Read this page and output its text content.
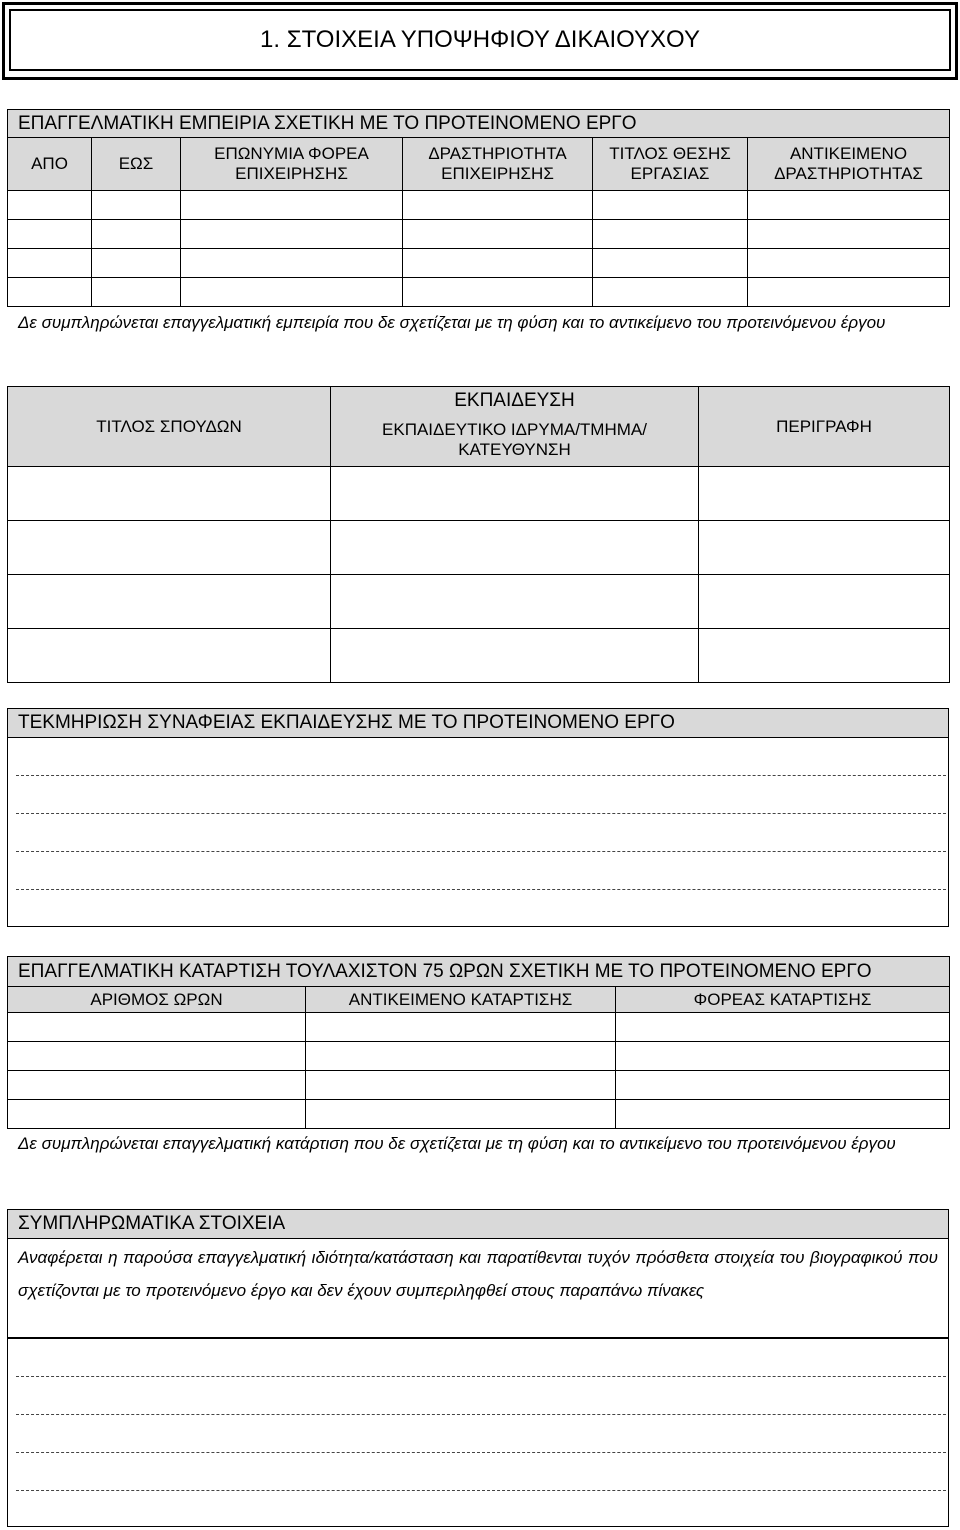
1. ΣΤΟΙΧΕΙΑ ΥΠΟΨΗΦΙΟΥ ΔΙΚΑΙΟΥΧΟΥ
ΕΠΑΓΓΕΛΜΑΤΙΚΗ ΕΜΠΕΙΡΙΑ ΣΧΕΤΙΚΗ ΜΕ ΤΟ ΠΡΟΤΕΙΝΟΜΕΝΟ ΕΡΓΟ					
ΑΠΟ	ΕΩΣ	ΕΠΩΝΥΜΙΑ ΦΟΡΕΑ ΕΠΙΧΕΙΡΗΣΗΣ	ΔΡΑΣΤΗΡΙΟΤΗΤΑ ΕΠΙΧΕΙΡΗΣΗΣ	ΤΙΤΛΟΣ ΘΕΣΗΣ ΕΡΓΑΣΙΑΣ	ΑΝΤΙΚΕΙΜΕΝΟ ΔΡΑΣΤΗΡΙΟΤΗΤΑΣ

Δε συμπληρώνεται επαγγελματική εμπειρία που δε σχετίζεται με τη φύση και το αντικείμενο του προτεινόμενου έργου
ΤΙΤΛΟΣ ΣΠΟΥΔΩΝ	ΕΚΠΑΙΔΕΥΣΗ	ΠΕΡΙΓΡΑΦΗ
	ΕΚΠΑΙΔΕΥΤΙΚΟ ΙΔΡΥΜΑ/ΤΜΗΜΑ/ΚΑΤΕΥΘΥΝΣΗ	

ΤΕΚΜΗΡΙΩΣΗ ΣΥΝΑΦΕΙΑΣ ΕΚΠΑΙΔΕΥΣΗΣ ΜΕ ΤΟ ΠΡΟΤΕΙΝΟΜΕΝΟ ΕΡΓΟ
ΕΠΑΓΓΕΛΜΑΤΙΚΗ ΚΑΤΑΡΤΙΣΗ ΤΟΥΛΑΧΙΣΤΟΝ 75 ΩΡΩΝ ΣΧΕΤΙΚΗ ΜΕ ΤΟ ΠΡΟΤΕΙΝΟΜΕΝΟ ΕΡΓΟ		
ΑΡΙΘΜΟΣ ΩΡΩΝ	ΑΝΤΙΚΕΙΜΕΝΟ ΚΑΤΑΡΤΙΣΗΣ	ΦΟΡΕΑΣ ΚΑΤΑΡΤΙΣΗΣ

Δε συμπληρώνεται επαγγελματική κατάρτιση που δε σχετίζεται με τη φύση και το αντικείμενο του προτεινόμενου έργου
ΣΥΜΠΛΗΡΩΜΑΤΙΚΑ ΣΤΟΙΧΕΙΑ
Αναφέρεται η παρούσα επαγγελματική ιδιότητα/κατάσταση και παρατίθενται τυχόν πρόσθετα στοιχεία του βιογραφικού που σχετίζονται με το προτεινόμενο έργο και δεν έχουν συμπεριληφθεί στους παραπάνω πίνακες
